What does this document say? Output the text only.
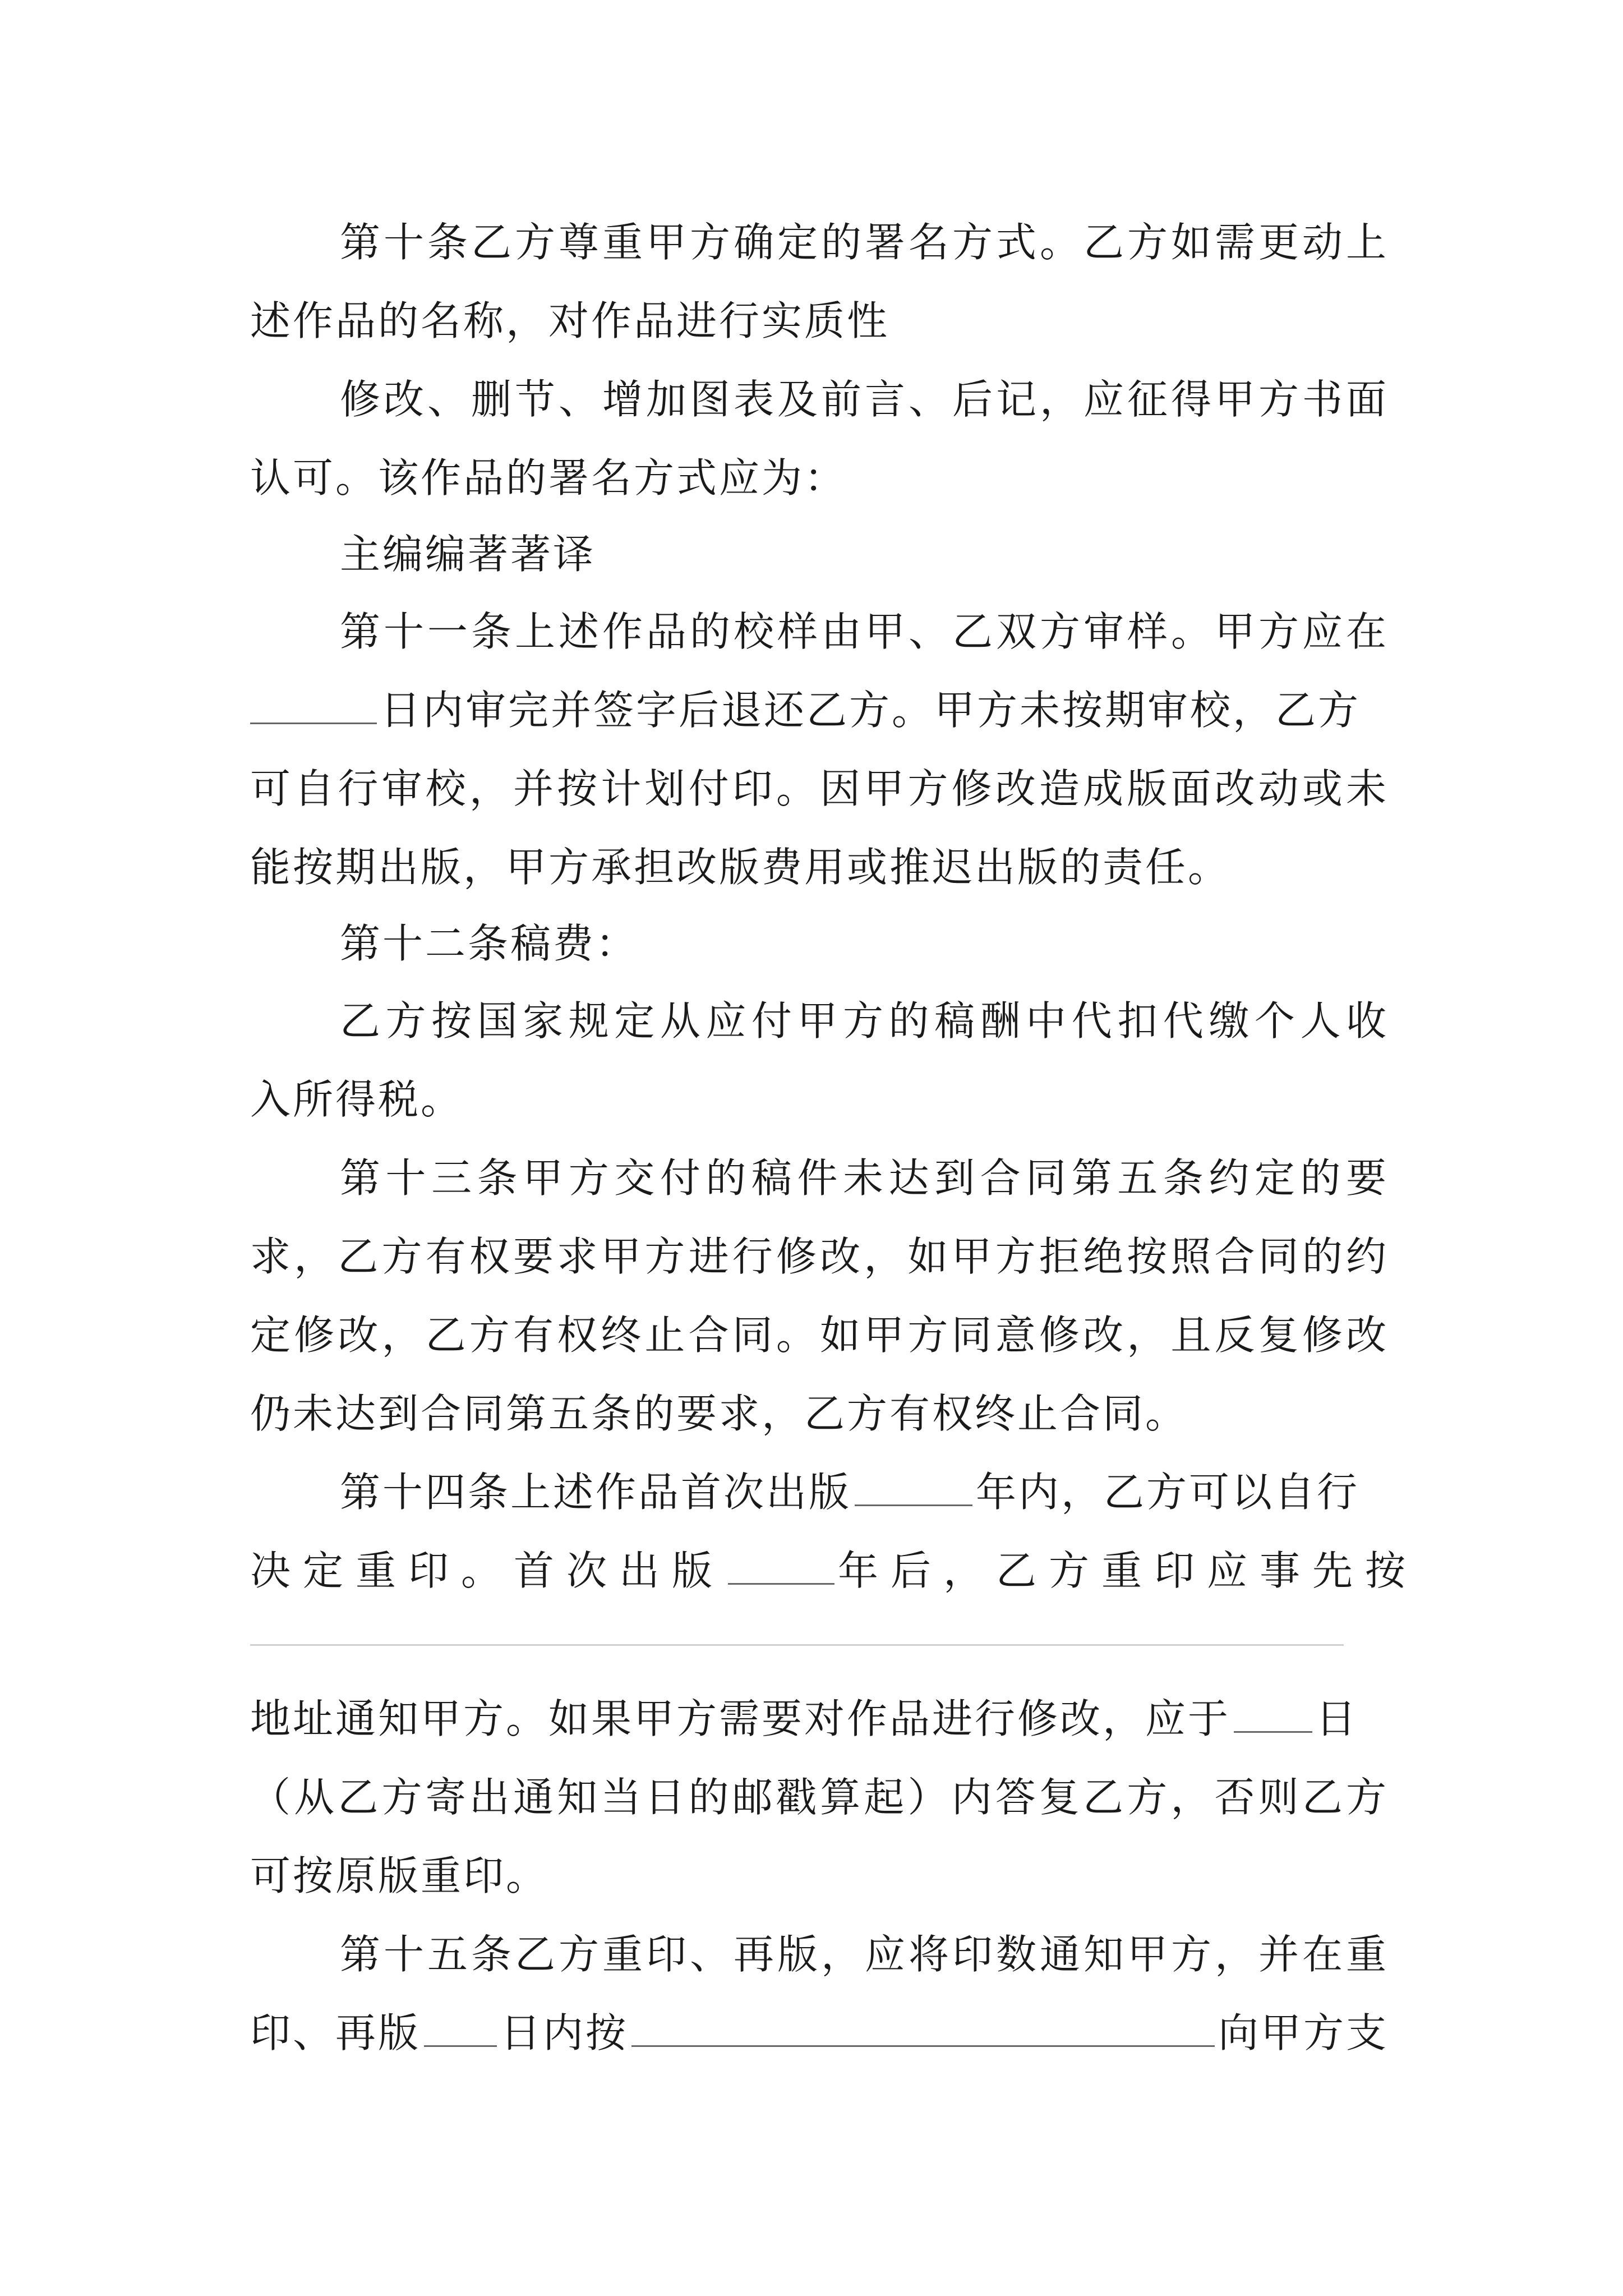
第十条乙方尊重甲方确定的署名方式。乙方如需更动上
述作品的名称，对作品进行实质性
修改、删节、增加图表及前言、后记，应征得甲方书面
认可。该作品的署名方式应为：
主编编著著译
第十一条上述作品的校样由甲、乙双方审样。甲方应在
日内审完并签字后退还乙方。甲方未按期审校，乙方
可自行审校，并按计划付印。因甲方修改造成版面改动或未
能按期出版，甲方承担改版费用或推迟出版的责任。
第十二条稿费：
乙方按国家规定从应付甲方的稿酬中代扣代缴个人收
入所得税。
第十三条甲方交付的稿件未达到合同第五条约定的要
求，乙方有权要求甲方进行修改，如甲方拒绝按照合同的约
定修改，乙方有权终止合同。如甲方同意修改，且反复修改
仍未达到合同第五条的要求，乙方有权终止合同。
第十四条上述作品首次出版	年内，乙方可以自行
决定重印。首次出版	年后，乙方重印应事先按
地址通知甲方。如果甲方需要对作品进行修改，应于 日
（从乙方寄出通知当日的邮戳算起）内答复乙方，否则乙方
可按原版重印。
第十五条乙方重印、再版，应将印数通知甲方，并在重
印、再版 日内按	向甲方支
